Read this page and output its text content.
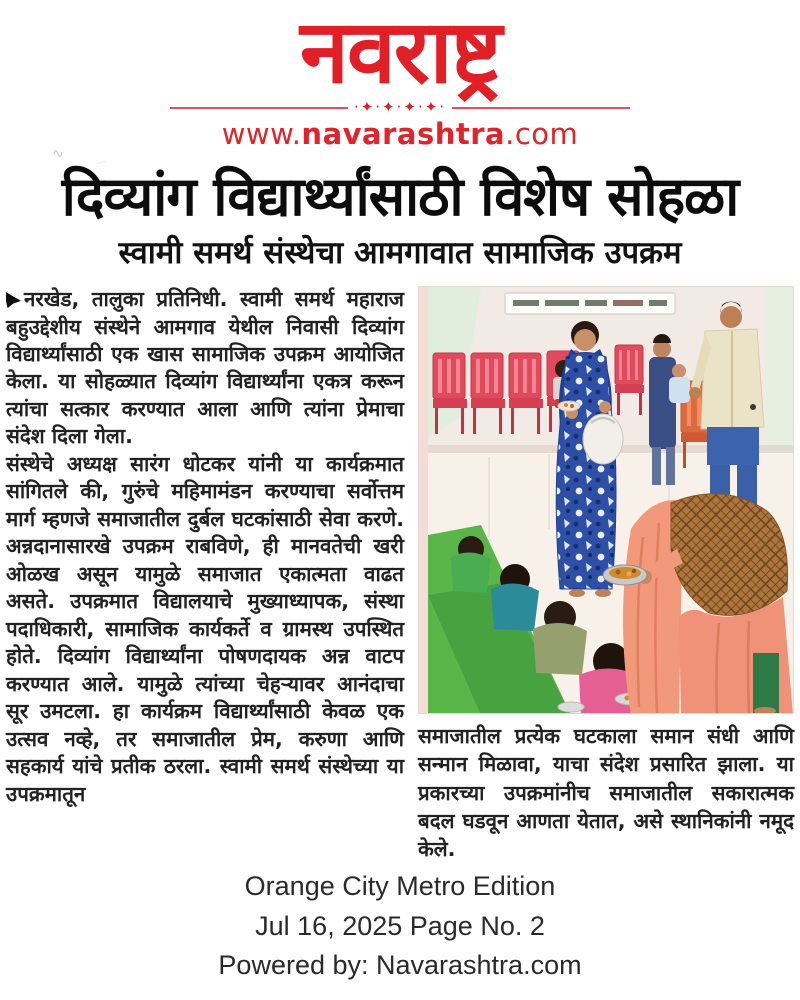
नवराष्ट्र
·✦·✦·✦·✦·
www.navarashtra.com
∿	﹏
दिव्यांग विद्यार्थ्यांसाठी विशेष सोहळा
स्वामी समर्थ संस्थेचा आमगावात सामाजिक उपक्रम

नरखेड, तालुका प्रतिनिधी. स्वामी समर्थ महाराज बहुउद्देशीय संस्थेने आमगाव येथील निवासी दिव्यांग विद्यार्थ्यांसाठी एक खास सामाजिक उपक्रम आयोजित केला. या सोहळ्यात दिव्यांग विद्यार्थ्यांना एकत्र करून त्यांचा सत्कार करण्यात आला आणि त्यांना प्रेमाचा संदेश दिला गेला.

संस्थेचे अध्यक्ष सारंग धोटकर यांनी या कार्यक्रमात सांगितले की, गुरुंचे महिमामंडन करण्याचा सर्वोत्तम मार्ग म्हणजे समाजातील दुर्बल घटकांसाठी सेवा करणे. अन्नदानासारखे उपक्रम राबविणे, ही मानवतेची खरी ओळख असून यामुळे समाजात एकात्मता वाढत असते. उपक्रमात विद्यालयाचे मुख्याध्यापक, संस्था पदाधिकारी, सामाजिक कार्यकर्ते व ग्रामस्थ उपस्थित होते. दिव्यांग विद्यार्थ्यांना पोषणदायक अन्न वाटप करण्यात आले. यामुळे त्यांच्या चेहऱ्यावर आनंदाचा सूर उमटला. हा कार्यक्रम विद्यार्थ्यांसाठी केवळ एक उत्सव नव्हे, तर समाजातील प्रेम, करुणा आणि सहकार्य यांचे प्रतीक ठरला. स्वामी समर्थ संस्थेच्या या उपक्रमातून

समाजातील प्रत्येक घटकाला समान संधी आणि सन्मान मिळावा, याचा संदेश प्रसारित झाला. या प्रकारच्या उपक्रमांनीच समाजातील सकारात्मक बदल घडवून आणता येतात, असे स्थानिकांनी नमूद केले.

Orange City Metro Edition
Jul 16, 2025 Page No. 2
Powered by: Navarashtra.com
